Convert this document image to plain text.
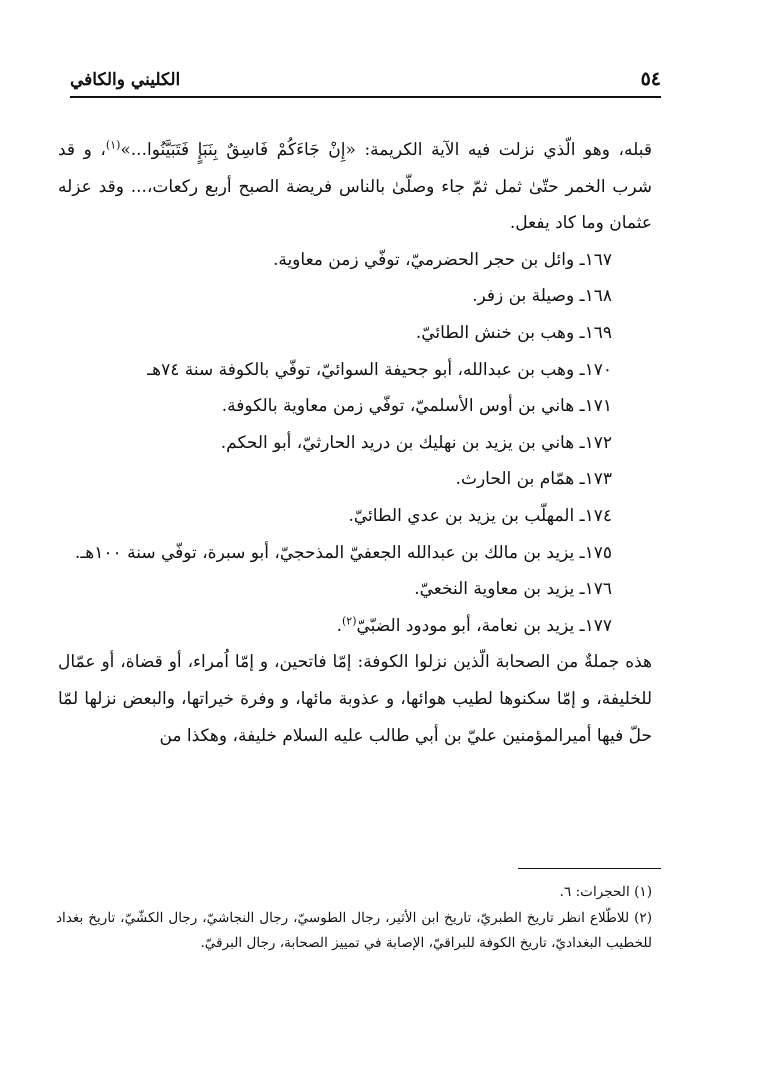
٥٤
الكليني والكافي

قبله، وهو الّذي نزلت فيه الآية الكريمة: «إِنْ جَاءَكُمْ فَاسِقٌ بِنَبَإٍ فَتَبَيَّنُوا...»$^{(١)}$، و قد شرب الخمر حتّىٰ ثمل ثمّ جاء وصلّىٰ بالناس فريضة الصبح أربع ركعات،... وقد عزله عثمان وما كاد يفعل.

١٦٧ـ وائل بن حجر الحضرميّ، توفّي زمن معاوية.
١٦٨ـ وصيلة بن زفر.
١٦٩ـ وهب بن خنش الطائيّ.
١٧٠ـ وهب بن عبدالله، أبو جحيفة السوائيّ، توفّي بالكوفة سنة ٧٤هـ
١٧١ـ هاني بن أوس الأسلميّ، توفّي زمن معاوية بالكوفة.
١٧٢ـ هاني بن يزيد بن نهليك بن دريد الحارثيّ، أبو الحكم.
١٧٣ـ همّام بن الحارث.
١٧٤ـ المهلّب بن يزيد بن عدي الطائيّ.
١٧٥ـ يزيد بن مالك بن عبدالله الجعفيّ المذحجيّ، أبو سبرة، توفّي سنة ١٠٠هـ.
١٧٦ـ يزيد بن معاوية النخعيّ.
١٧٧ـ يزيد بن نعامة، أبو مودود الضبّيّ$^{(٢)}$.

هذه جملةٌ من الصحابة الّذين نزلوا الكوفة: إمّا فاتحين، و إمّا اُمراء، أو قضاة، أو عمّال للخليفة، و إمّا سكنوها لطيب هوائها، و عذوبة مائها، و وفرة خيراتها، والبعض نزلها لمّا حلّ فيها أميرالمؤمنين عليّ بن أبي طالب عليه السلام خليفة، وهكذا من

(١) الحجرات: ٦.

(٢) للاطّلاع انظر تاريخ الطبريّ، تاريخ ابن الأثير، رجال الطوسيّ، رجال النجاشيّ، رجال الكشّيّ، تاريخ بغداد للخطيب البغداديّ، تاريخ الكوفة للبراقيّ، الإصابة في تمييز الصحابة، رجال البرقيّ.
